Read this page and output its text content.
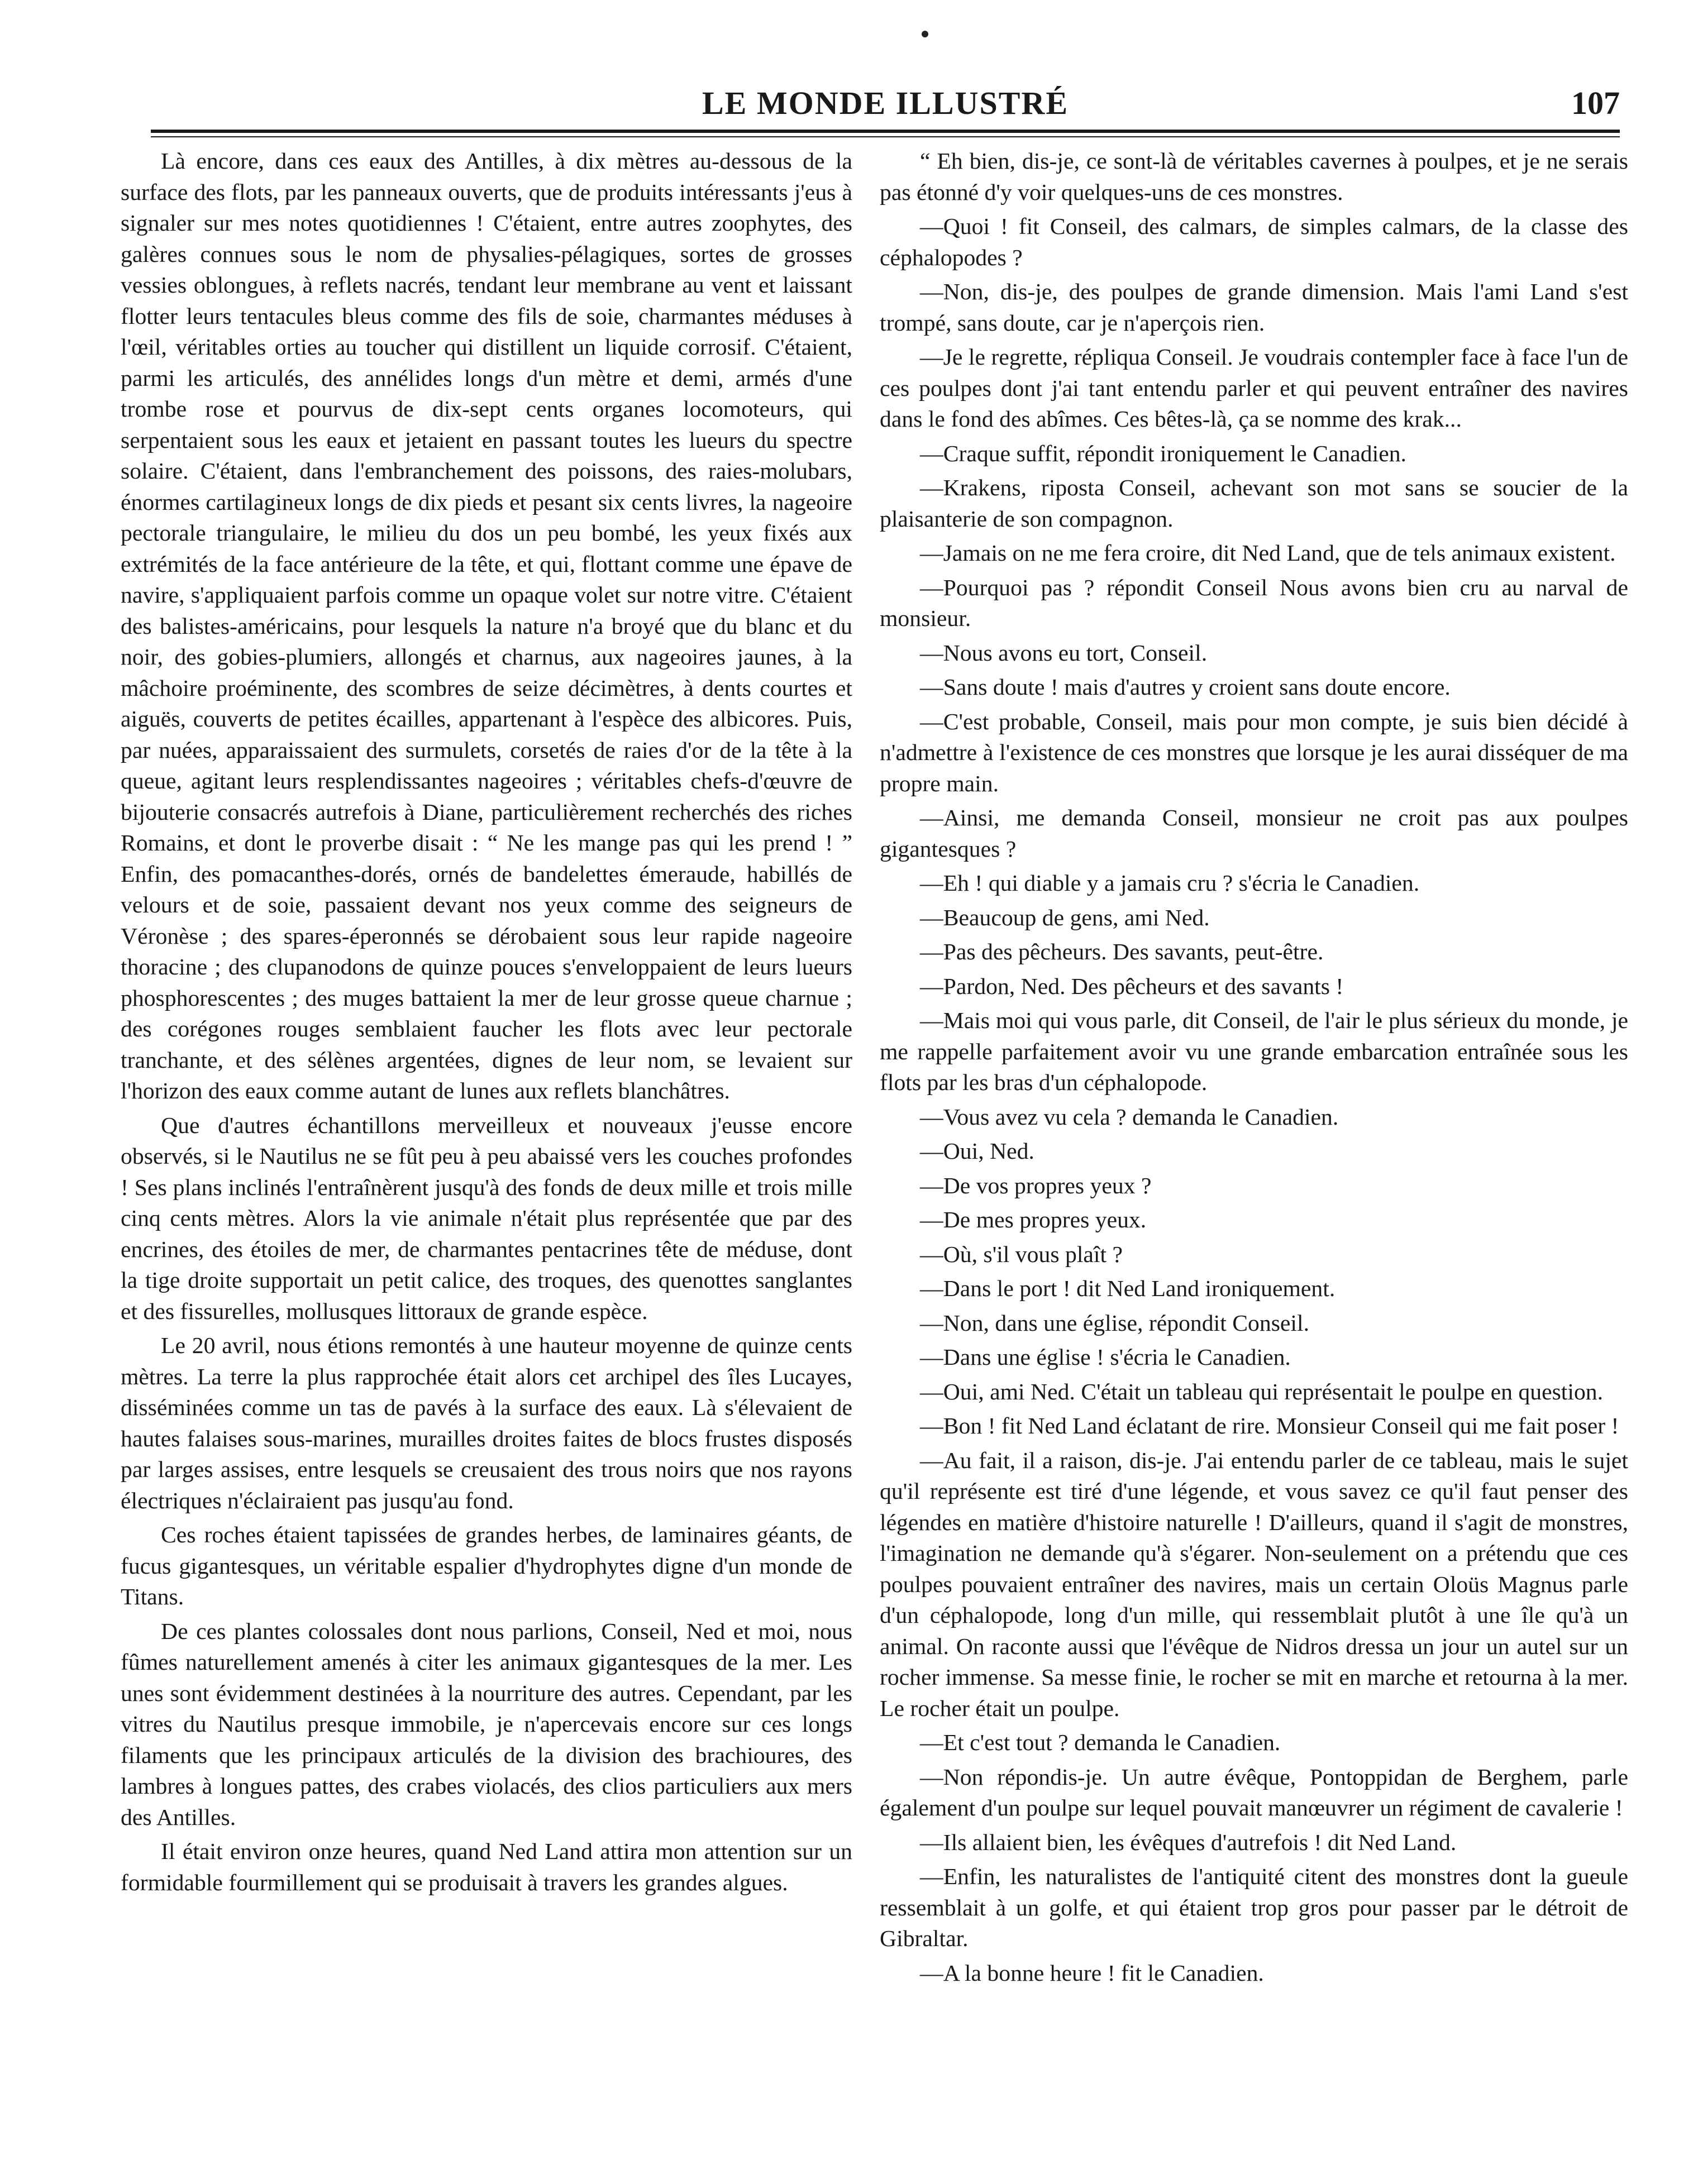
LE MONDE ILLUSTRÉ	107

Là encore, dans ces eaux des Antilles, à dix mètres au-dessous de la surface des flots, par les panneaux ouverts, que de produits intéressants j'eus à signaler sur mes notes quotidiennes ! C'étaient, entre autres zoophytes, des galères connues sous le nom de physalies-pélagiques, sortes de grosses vessies oblongues, à reflets nacrés, tendant leur membrane au vent et laissant flotter leurs tentacules bleus comme des fils de soie, charmantes méduses à l'œil, véritables orties au toucher qui distillent un liquide corrosif. C'étaient, parmi les articulés, des annélides longs d'un mètre et demi, armés d'une trombe rose et pourvus de dix-sept cents organes locomoteurs, qui serpentaient sous les eaux et jetaient en passant toutes les lueurs du spectre solaire. C'étaient, dans l'embranchement des poissons, des raies-molubars, énormes cartilagineux longs de dix pieds et pesant six cents livres, la nageoire pectorale triangulaire, le milieu du dos un peu bombé, les yeux fixés aux extrémités de la face antérieure de la tête, et qui, flottant comme une épave de navire, s'appliquaient parfois comme un opaque volet sur notre vitre. C'étaient des balistes-américains, pour lesquels la nature n'a broyé que du blanc et du noir, des gobies-plumiers, allongés et charnus, aux nageoires jaunes, à la mâchoire proéminente, des scombres de seize décimètres, à dents courtes et aiguës, couverts de petites écailles, appartenant à l'espèce des albicores. Puis, par nuées, apparaissaient des surmulets, corsetés de raies d'or de la tête à la queue, agitant leurs resplendissantes nageoires ; véritables chefs-d'œuvre de bijouterie consacrés autrefois à Diane, particulièrement recherchés des riches Romains, et dont le proverbe disait : “ Ne les mange pas qui les prend ! ” Enfin, des pomacanthes-dorés, ornés de bandelettes émeraude, habillés de velours et de soie, passaient devant nos yeux comme des seigneurs de Véronèse ; des spares-éperonnés se dérobaient sous leur rapide nageoire thoracine ; des clupanodons de quinze pouces s'enveloppaient de leurs lueurs phosphorescentes ; des muges battaient la mer de leur grosse queue charnue ; des corégones rouges semblaient faucher les flots avec leur pectorale tranchante, et des sélènes argentées, dignes de leur nom, se levaient sur l'horizon des eaux comme autant de lunes aux reflets blanchâtres.

Que d'autres échantillons merveilleux et nouveaux j'eusse encore observés, si le Nautilus ne se fût peu à peu abaissé vers les couches profondes ! Ses plans inclinés l'entraînèrent jusqu'à des fonds de deux mille et trois mille cinq cents mètres. Alors la vie animale n'était plus représentée que par des encrines, des étoiles de mer, de charmantes pentacrines tête de méduse, dont la tige droite supportait un petit calice, des troques, des quenottes sanglantes et des fissurelles, mollusques littoraux de grande espèce.

Le 20 avril, nous étions remontés à une hauteur moyenne de quinze cents mètres. La terre la plus rapprochée était alors cet archipel des îles Lucayes, disséminées comme un tas de pavés à la surface des eaux. Là s'élevaient de hautes falaises sous-marines, murailles droites faites de blocs frustes disposés par larges assises, entre lesquels se creusaient des trous noirs que nos rayons électriques n'éclairaient pas jusqu'au fond.

Ces roches étaient tapissées de grandes herbes, de laminaires géants, de fucus gigantesques, un véritable espalier d'hydrophytes digne d'un monde de Titans.

De ces plantes colossales dont nous parlions, Conseil, Ned et moi, nous fûmes naturellement amenés à citer les animaux gigantesques de la mer. Les unes sont évidemment destinées à la nourriture des autres. Cependant, par les vitres du Nautilus presque immobile, je n'apercevais encore sur ces longs filaments que les principaux articulés de la division des brachioures, des lambres à longues pattes, des crabes violacés, des clios particuliers aux mers des Antilles.

Il était environ onze heures, quand Ned Land attira mon attention sur un formidable fourmillement qui se produisait à travers les grandes algues.

“ Eh bien, dis-je, ce sont-là de véritables cavernes à poulpes, et je ne serais pas étonné d'y voir quelques-uns de ces monstres.

—Quoi ! fit Conseil, des calmars, de simples calmars, de la classe des céphalopodes ?

—Non, dis-je, des poulpes de grande dimension. Mais l'ami Land s'est trompé, sans doute, car je n'aperçois rien.

—Je le regrette, répliqua Conseil. Je voudrais contempler face à face l'un de ces poulpes dont j'ai tant entendu parler et qui peuvent entraîner des navires dans le fond des abîmes. Ces bêtes-là, ça se nomme des krak...

—Craque suffit, répondit ironiquement le Canadien.

—Krakens, riposta Conseil, achevant son mot sans se soucier de la plaisanterie de son compagnon.

—Jamais on ne me fera croire, dit Ned Land, que de tels animaux existent.

—Pourquoi pas ? répondit Conseil Nous avons bien cru au narval de monsieur.

—Nous avons eu tort, Conseil.

—Sans doute ! mais d'autres y croient sans doute encore.

—C'est probable, Conseil, mais pour mon compte, je suis bien décidé à n'admettre à l'existence de ces monstres que lorsque je les aurai disséquer de ma propre main.

—Ainsi, me demanda Conseil, monsieur ne croit pas aux poulpes gigantesques ?

—Eh ! qui diable y a jamais cru ? s'écria le Canadien.

—Beaucoup de gens, ami Ned.

—Pas des pêcheurs. Des savants, peut-être.

—Pardon, Ned. Des pêcheurs et des savants !

—Mais moi qui vous parle, dit Conseil, de l'air le plus sérieux du monde, je me rappelle parfaitement avoir vu une grande embarcation entraînée sous les flots par les bras d'un céphalopode.

—Vous avez vu cela ? demanda le Canadien.

—Oui, Ned.

—De vos propres yeux ?

—De mes propres yeux.

—Où, s'il vous plaît ?

—Dans le port ! dit Ned Land ironiquement.

—Non, dans une église, répondit Conseil.

—Dans une église ! s'écria le Canadien.

—Oui, ami Ned. C'était un tableau qui représentait le poulpe en question.

—Bon ! fit Ned Land éclatant de rire. Monsieur Conseil qui me fait poser !

—Au fait, il a raison, dis-je. J'ai entendu parler de ce tableau, mais le sujet qu'il représente est tiré d'une légende, et vous savez ce qu'il faut penser des légendes en matière d'histoire naturelle ! D'ailleurs, quand il s'agit de monstres, l'imagination ne demande qu'à s'égarer. Non-seulement on a prétendu que ces poulpes pouvaient entraîner des navires, mais un certain Oloüs Magnus parle d'un céphalopode, long d'un mille, qui ressemblait plutôt à une île qu'à un animal. On raconte aussi que l'évêque de Nidros dressa un jour un autel sur un rocher immense. Sa messe finie, le rocher se mit en marche et retourna à la mer. Le rocher était un poulpe.

—Et c'est tout ? demanda le Canadien.

—Non répondis-je. Un autre évêque, Pontoppidan de Berghem, parle également d'un poulpe sur lequel pouvait manœuvrer un régiment de cavalerie !

—Ils allaient bien, les évêques d'autrefois ! dit Ned Land.

—Enfin, les naturalistes de l'antiquité citent des monstres dont la gueule ressemblait à un golfe, et qui étaient trop gros pour passer par le détroit de Gibraltar.

—A la bonne heure ! fit le Canadien.
